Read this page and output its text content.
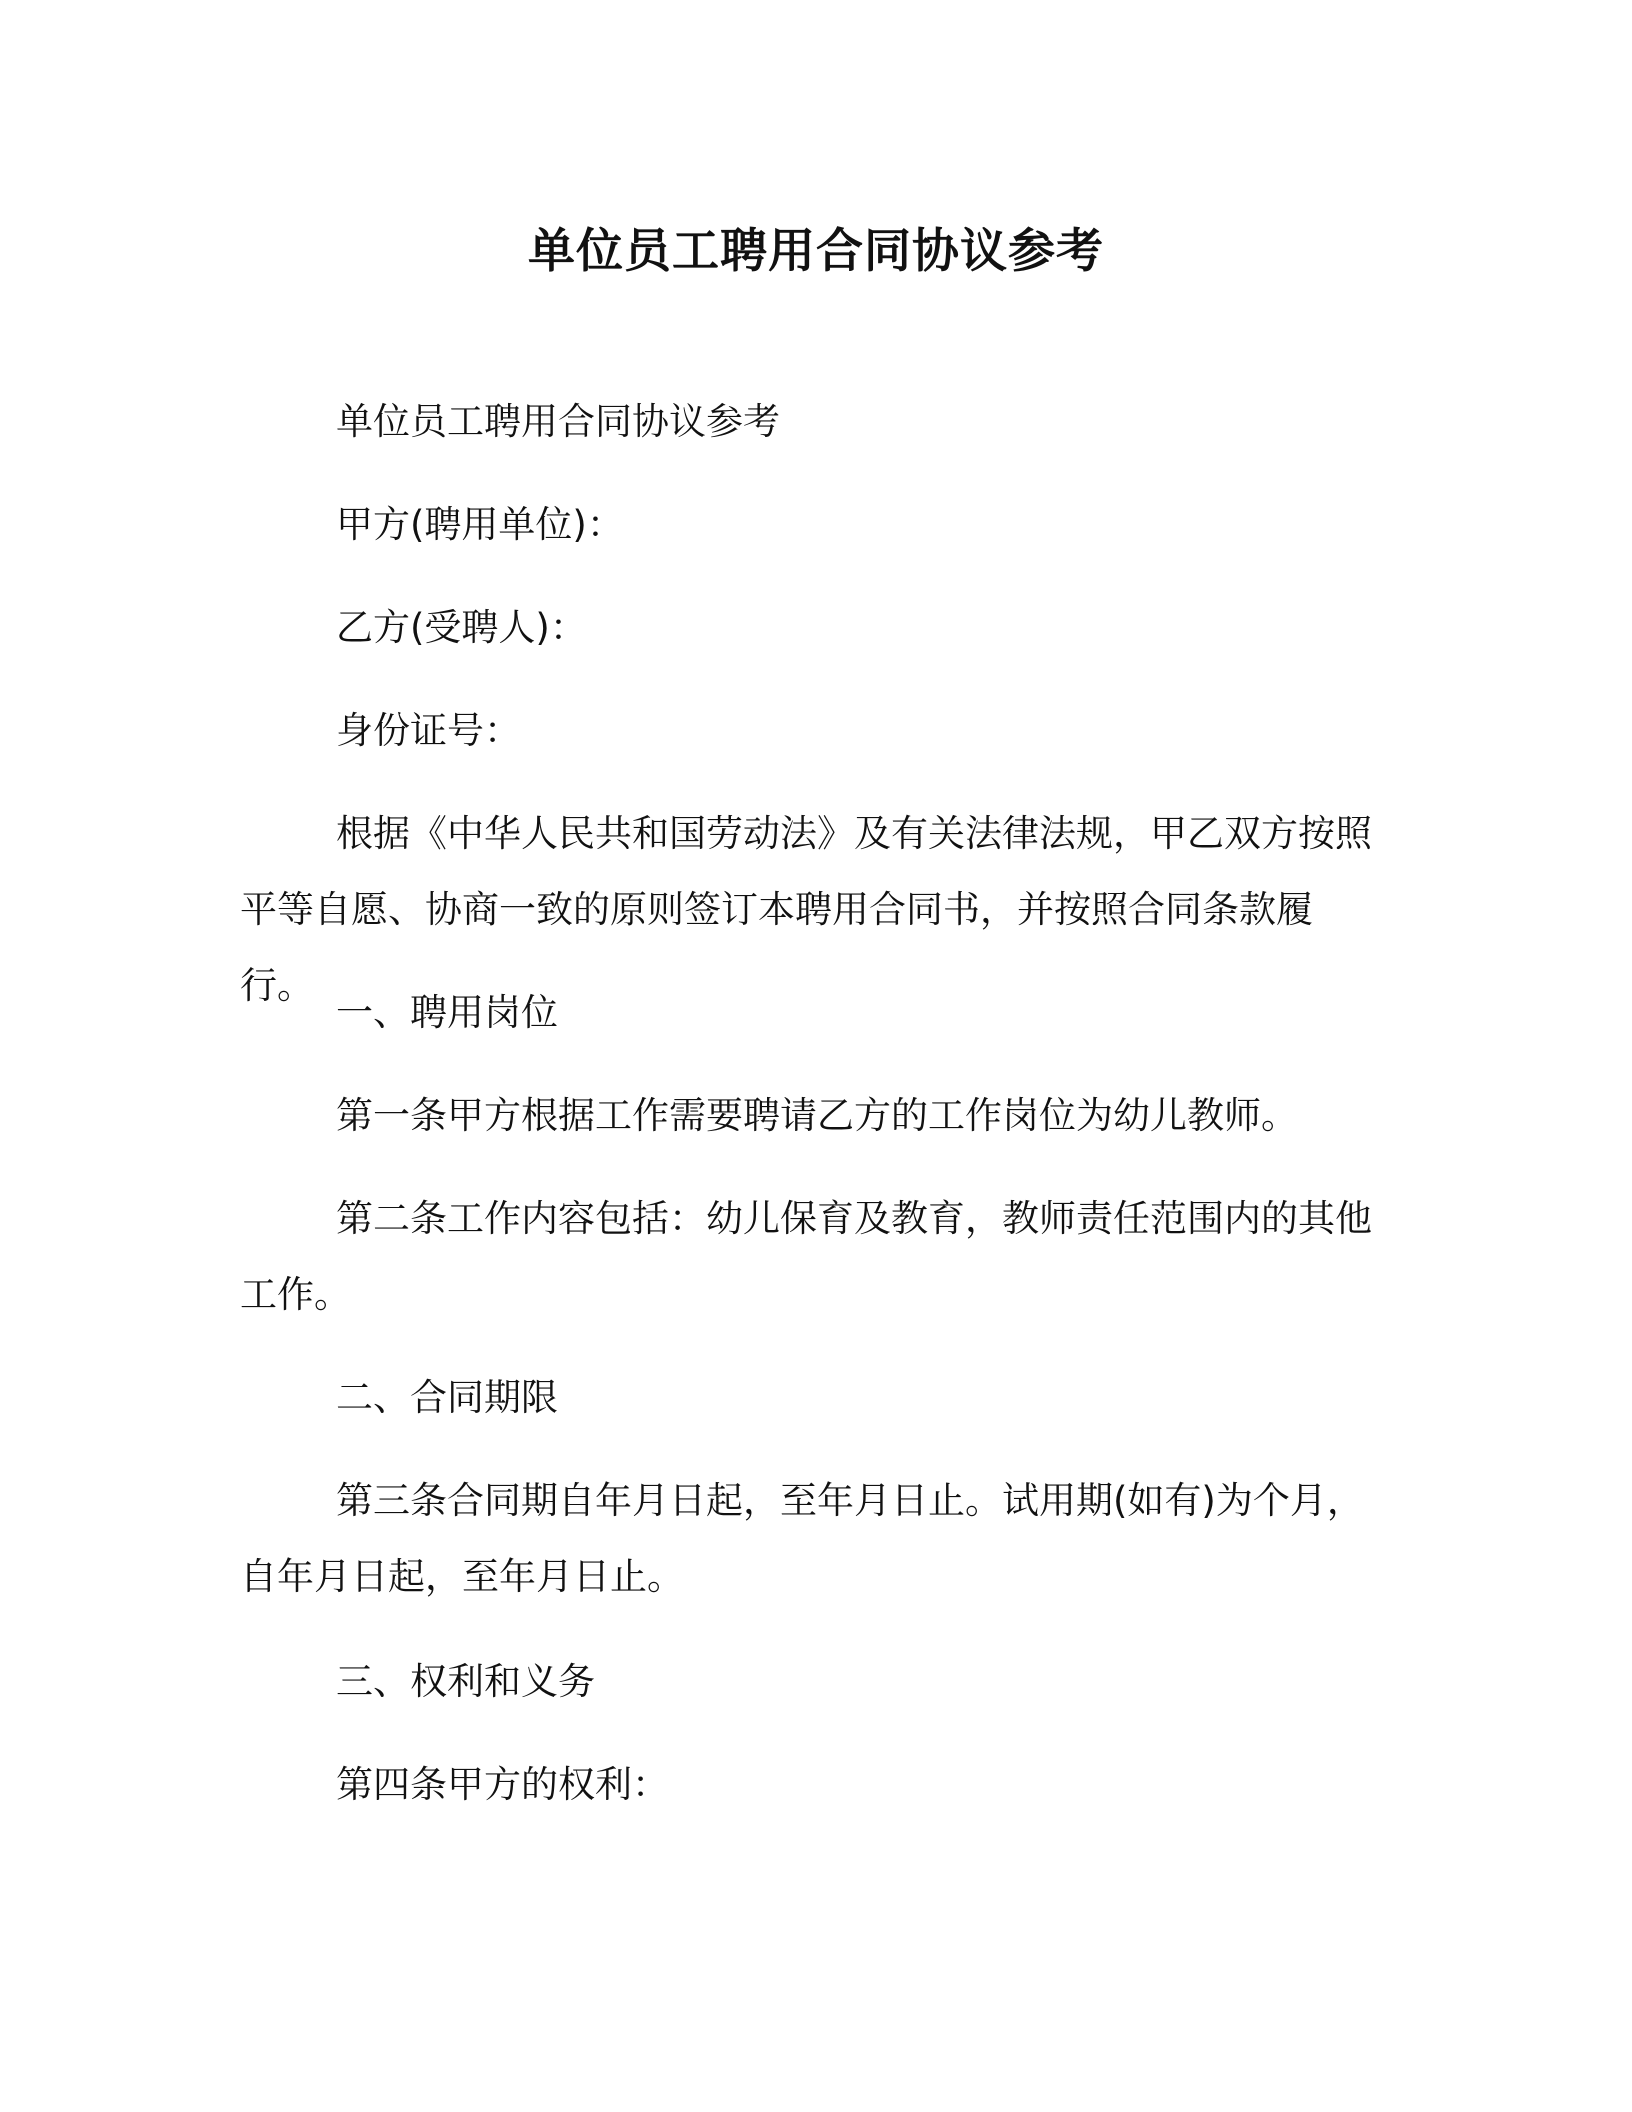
单位员工聘用合同协议参考

单位员工聘用合同协议参考

甲方(聘用单位)：

乙方(受聘人)：

身份证号：

根据《中华人民共和国劳动法》及有关法律法规，甲乙双方按照平等自愿、协商一致的原则签订本聘用合同书，并按照合同条款履行。

一、聘用岗位

第一条甲方根据工作需要聘请乙方的工作岗位为幼儿教师。

第二条工作内容包括：幼儿保育及教育，教师责任范围内的其他工作。

二、合同期限

第三条合同期自年月日起，至年月日止。试用期(如有)为个月，自年月日起，至年月日止。

三、权利和义务

第四条甲方的权利：
